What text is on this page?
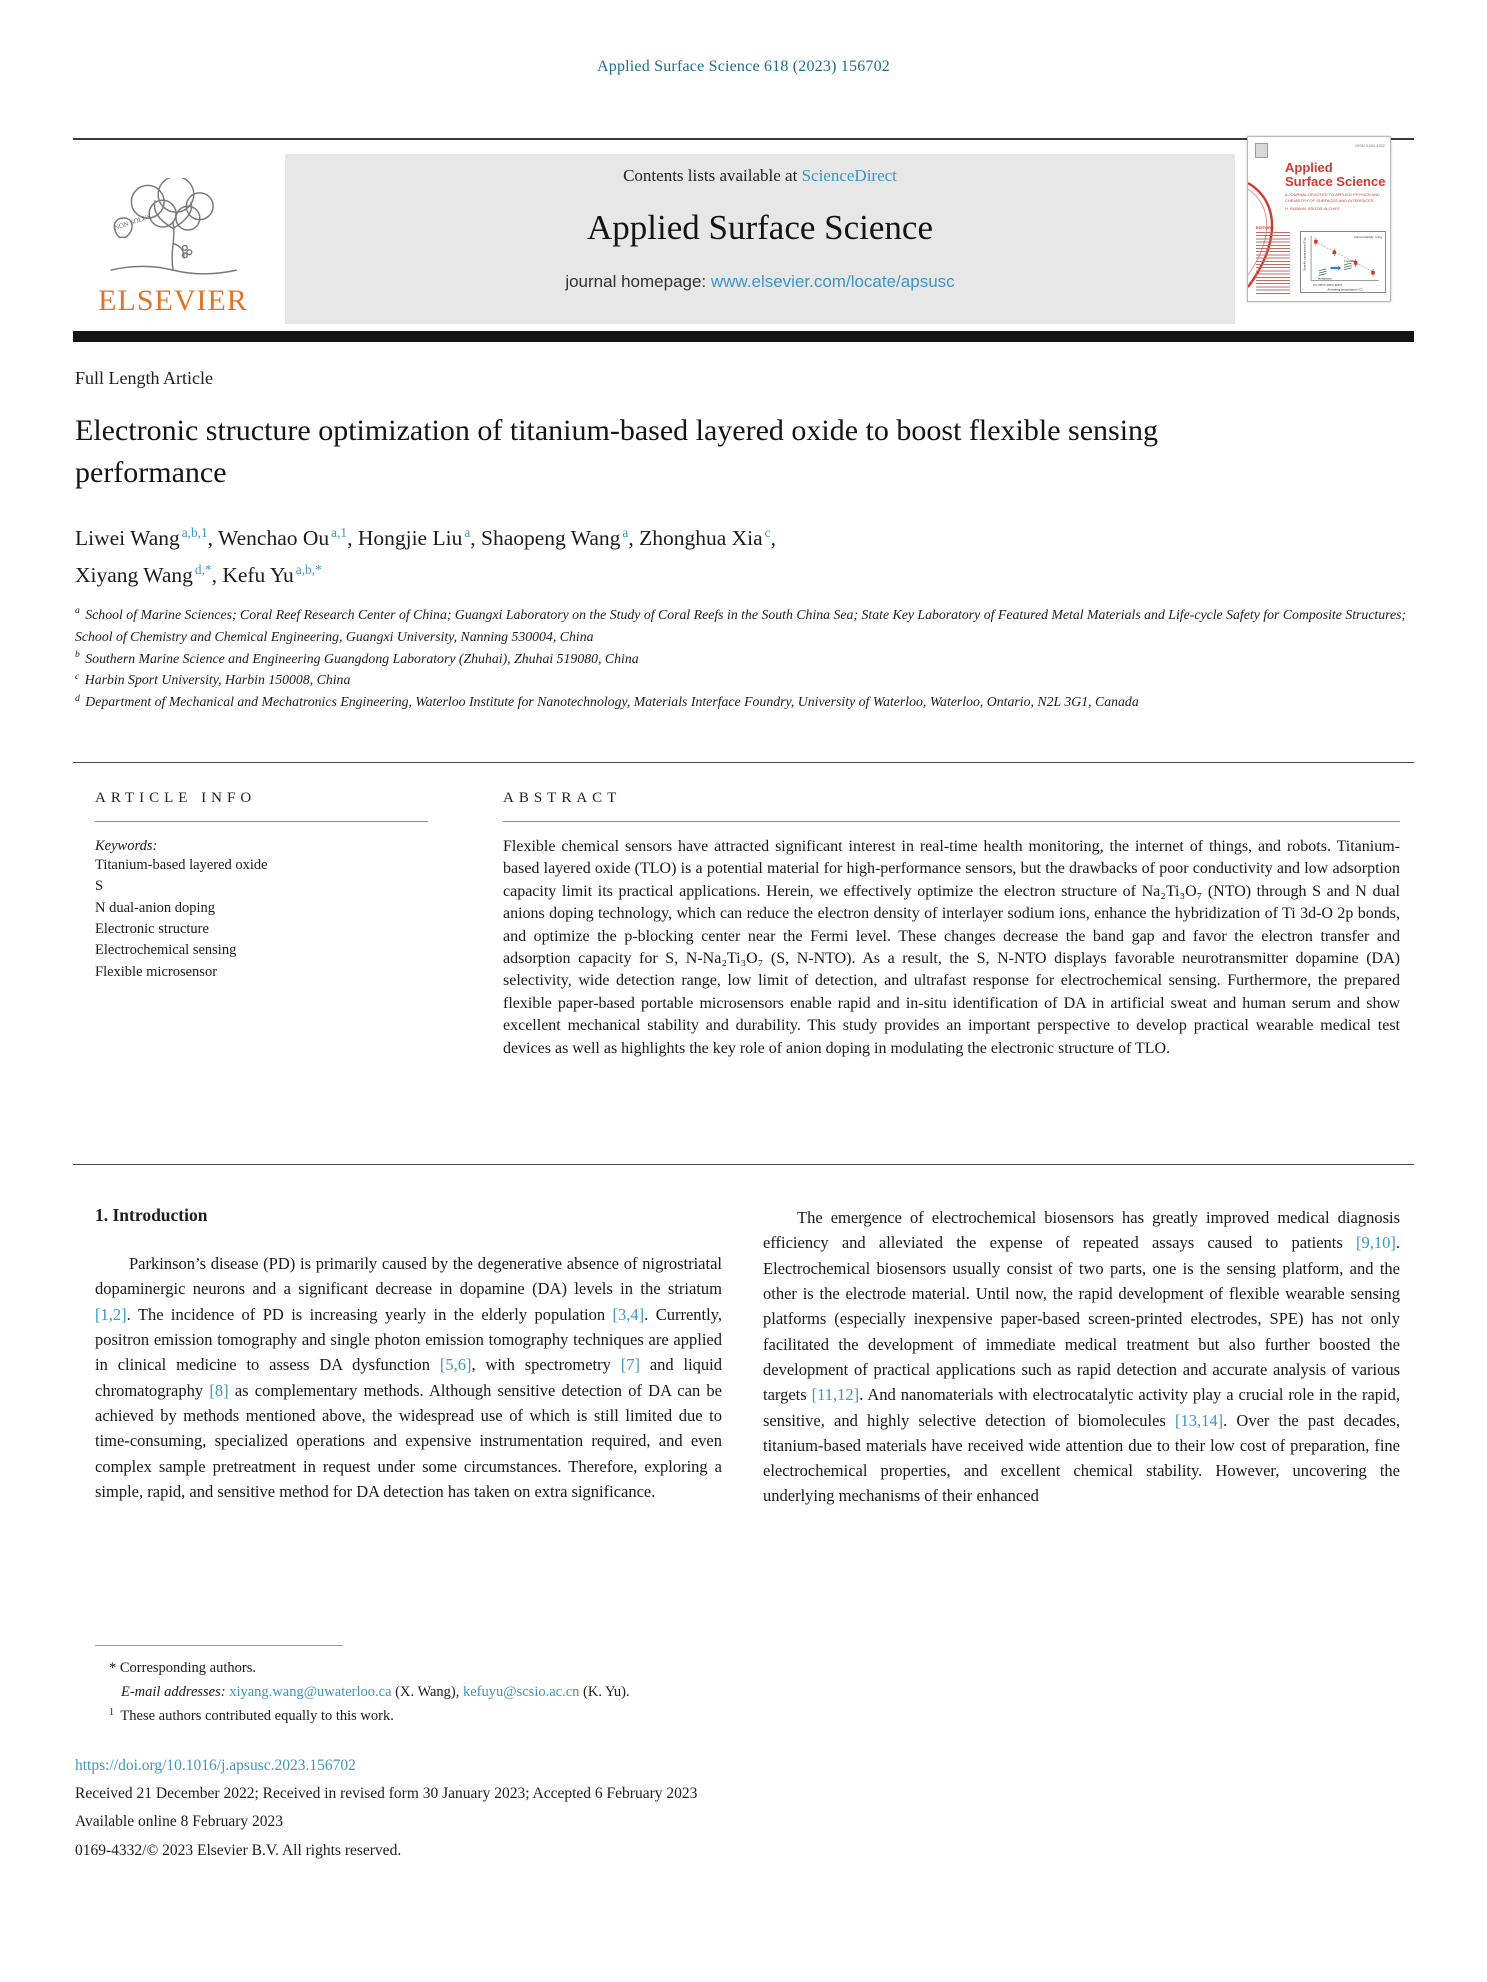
Applied Surface Science 618 (2023) 156702
NON SOLUS
ELSEVIER
Contents lists available at ScienceDirect
Applied Surface Science
journal homepage: www.elsevier.com/locate/apsusc
ISSN 0169-4332
Applied
Surface Science
A JOURNAL DEVOTED TO APPLIED PHYSICS AND CHEMISTRY OF SURFACES AND INTERFACES
H. RUBAHN, EDITOR-IN-CHIEF
EDITORS
Current density: 1 A/g
Specific capacitance (F/g)
Amorphous
Crystalline
0°C 200°C 400°C 600°C
Annealing temperature (°C)
Full Length Article
Electronic structure optimization of titanium-based layered oxide to boost flexible sensing performance
Liwei Wang $^{a,b,1}$, Wenchao Ou $^{a,1}$, Hongjie Liu $^a$, Shaopeng Wang $^a$, Zhonghua Xia $^c$,
Xiyang Wang $^{d,*}$, Kefu Yu $^{a,b,*}$
$^a$ School of Marine Sciences; Coral Reef Research Center of China; Guangxi Laboratory on the Study of Coral Reefs in the South China Sea; State Key Laboratory of Featured Metal Materials and Life-cycle Safety for Composite Structures; School of Chemistry and Chemical Engineering, Guangxi University, Nanning 530004, China
$^b$ Southern Marine Science and Engineering Guangdong Laboratory (Zhuhai), Zhuhai 519080, China
$^c$ Harbin Sport University, Harbin 150008, China
$^d$ Department of Mechanical and Mechatronics Engineering, Waterloo Institute for Nanotechnology, Materials Interface Foundry, University of Waterloo, Waterloo, Ontario, N2L 3G1, Canada
ARTICLE INFO
Keywords:
Titanium-based layered oxide
S
N dual-anion doping
Electronic structure
Electrochemical sensing
Flexible microsensor
ABSTRACT

Flexible chemical sensors have attracted significant interest in real-time health monitoring, the internet of things, and robots. Titanium-based layered oxide (TLO) is a potential material for high-performance sensors, but the drawbacks of poor conductivity and low adsorption capacity limit its practical applications. Herein, we effectively optimize the electron structure of Na₂Ti₃O₇ (NTO) through S and N dual anions doping technology, which can reduce the electron density of interlayer sodium ions, enhance the hybridization of Ti 3d-O 2p bonds, and optimize the p-blocking center near the Fermi level. These changes decrease the band gap and favor the electron transfer and adsorption capacity for S, N-Na₂Ti₃O₇ (S, N-NTO). As a result, the S, N-NTO displays favorable neurotransmitter dopamine (DA) selectivity, wide detection range, low limit of detection, and ultrafast response for electrochemical sensing. Furthermore, the prepared flexible paper-based portable microsensors enable rapid and in-situ identification of DA in artificial sweat and human serum and show excellent mechanical stability and durability. This study provides an important perspective to develop practical wearable medical test devices as well as highlights the key role of anion doping in modulating the electronic structure of TLO.

1. Introduction

Parkinson’s disease (PD) is primarily caused by the degenerative absence of nigrostriatal dopaminergic neurons and a significant decrease in dopamine (DA) levels in the striatum [1,2]. The incidence of PD is increasing yearly in the elderly population [3,4]. Currently, positron emission tomography and single photon emission tomography techniques are applied in clinical medicine to assess DA dysfunction [5,6], with spectrometry [7] and liquid chromatography [8] as complementary methods. Although sensitive detection of DA can be achieved by methods mentioned above, the widespread use of which is still limited due to time-consuming, specialized operations and expensive instrumentation required, and even complex sample pretreatment in request under some circumstances. Therefore, exploring a simple, rapid, and sensitive method for DA detection has taken on extra significance.

The emergence of electrochemical biosensors has greatly improved medical diagnosis efficiency and alleviated the expense of repeated assays caused to patients [9,10]. Electrochemical biosensors usually consist of two parts, one is the sensing platform, and the other is the electrode material. Until now, the rapid development of flexible wearable sensing platforms (especially inexpensive paper-based screen-printed electrodes, SPE) has not only facilitated the development of immediate medical treatment but also further boosted the development of practical applications such as rapid detection and accurate analysis of various targets [11,12]. And nanomaterials with electrocatalytic activity play a crucial role in the rapid, sensitive, and highly selective detection of biomolecules [13,14]. Over the past decades, titanium-based materials have received wide attention due to their low cost of preparation, fine electrochemical properties, and excellent chemical stability. However, uncovering the underlying mechanisms of their enhanced

* Corresponding authors.
E-mail addresses: xiyang.wang@uwaterloo.ca (X. Wang), kefuyu@scsio.ac.cn (K. Yu).
$^1$ These authors contributed equally to this work.
https://doi.org/10.1016/j.apsusc.2023.156702
Received 21 December 2022; Received in revised form 30 January 2023; Accepted 6 February 2023
Available online 8 February 2023
0169-4332/© 2023 Elsevier B.V. All rights reserved.
